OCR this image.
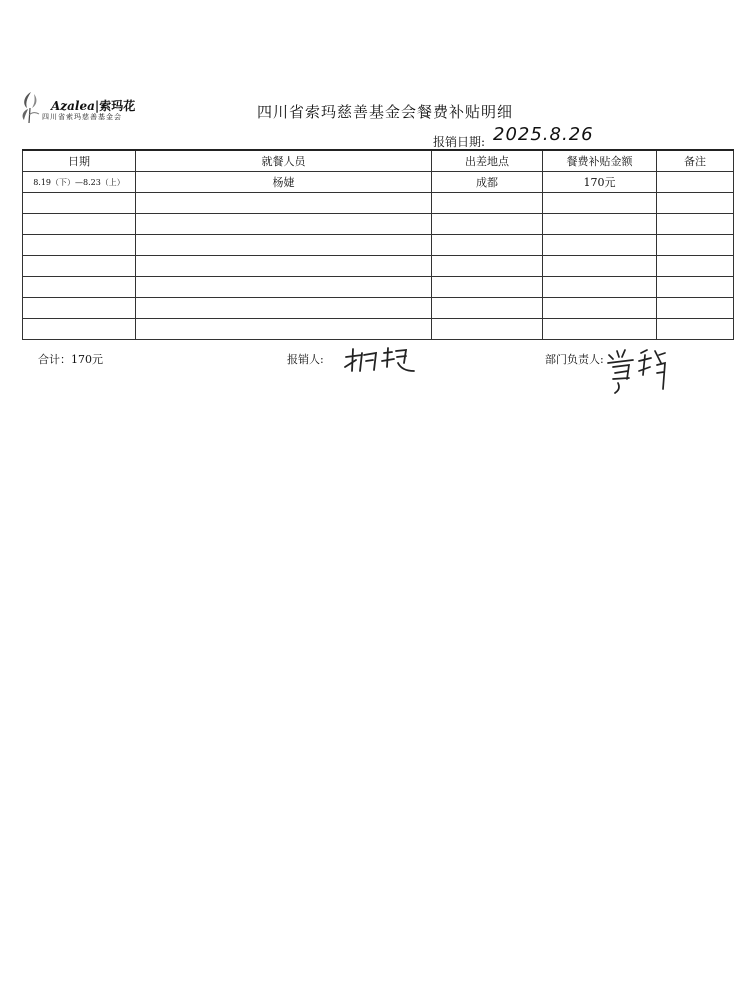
Azalea|索玛花
四川省索玛慈善基金会	四川省索玛慈善基金会餐费补贴明细
报销日期: 2025.8.26
日期	就餐人员	出差地点	餐费补贴金额	备注
8.19（下）—8.23（上）	杨婕	成都	170元	

合计：170元	报销人:	部门负责人:
